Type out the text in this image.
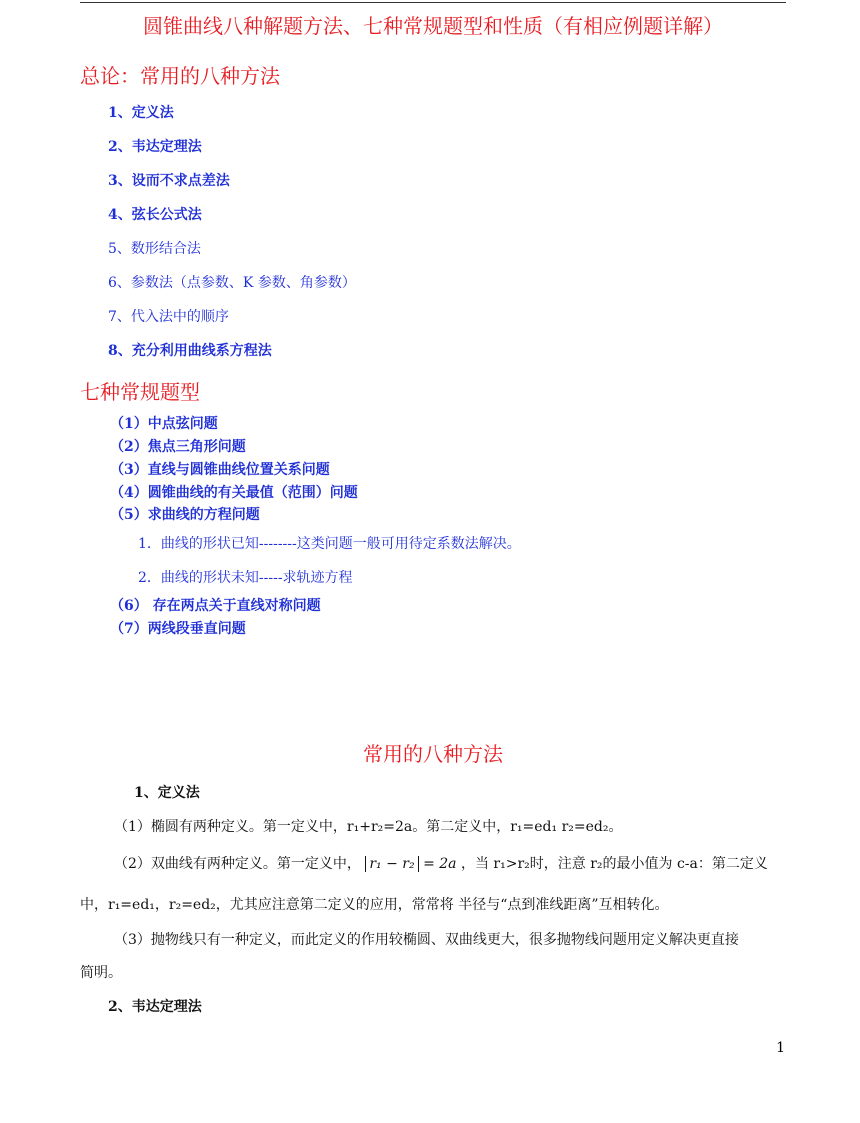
圆锥曲线八种解题方法、七种常规题型和性质（有相应例题详解）
总论：常用的八种方法
1、定义法
2、韦达定理法
3、设而不求点差法
4、弦长公式法
5、数形结合法
6、参数法（点参数、K 参数、角参数）
7、代入法中的顺序
8、充分利用曲线系方程法
七种常规题型
（1）中点弦问题
（2）焦点三角形问题
（3）直线与圆锥曲线位置关系问题
（4）圆锥曲线的有关最值（范围）问题
（5）求曲线的方程问题
1．曲线的形状已知--------这类问题一般可用待定系数法解决。
2．曲线的形状未知-----求轨迹方程
（6） 存在两点关于直线对称问题
（7）两线段垂直问题
常用的八种方法
1、定义法
（1）椭圆有两种定义。第一定义中，r₁+r₂=2a。第二定义中，r₁=ed₁ r₂=ed₂。
（2）双曲线有两种定义。第一定义中， r₁ − r₂ = 2a ，当 r₁>r₂时，注意 r₂的最小值为 c-a：第二定义
中，r₁=ed₁，r₂=ed₂，尤其应注意第二定义的应用，常常将 半径与“点到准线距离”互相转化。
（3）抛物线只有一种定义，而此定义的作用较椭圆、双曲线更大，很多抛物线问题用定义解决更直接
简明。
2、韦达定理法
1
